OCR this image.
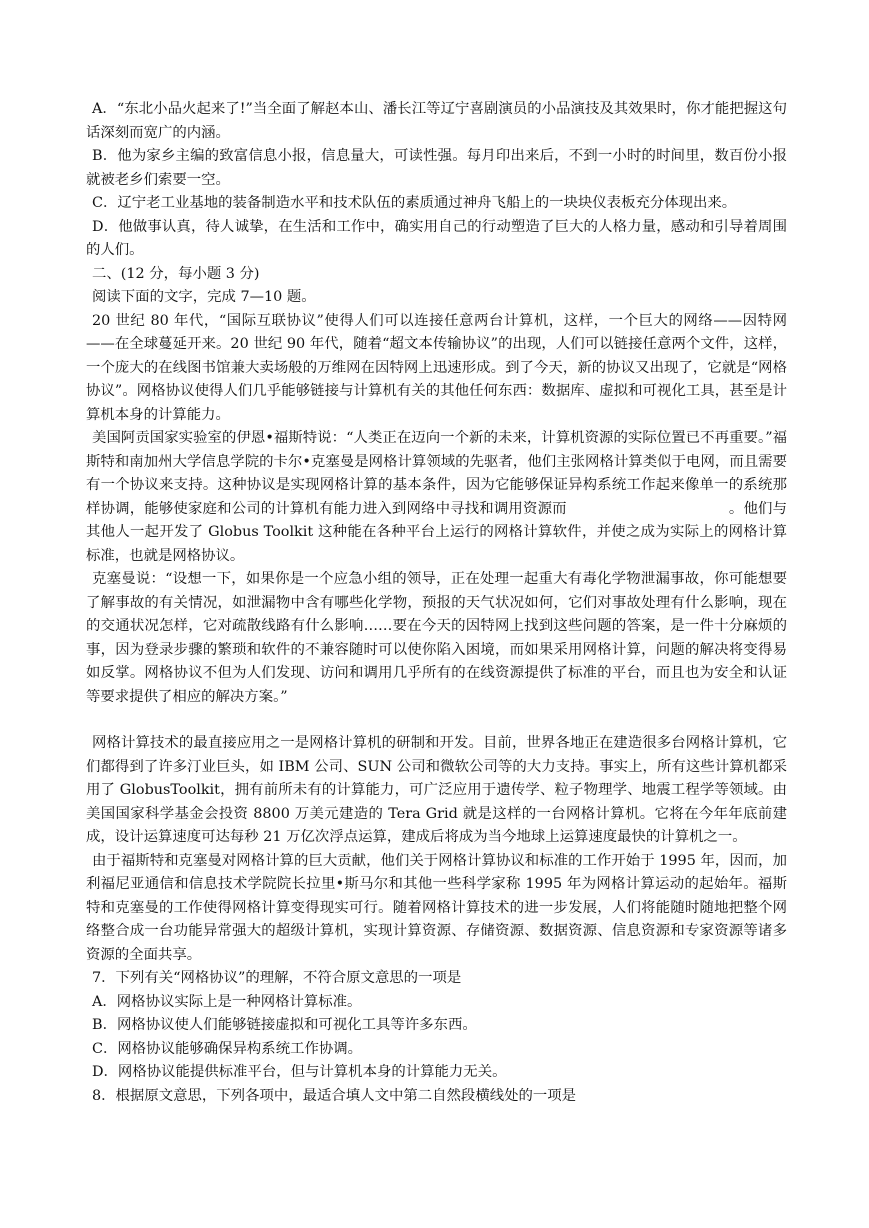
A．“东北小品火起来了!”当全面了解赵本山、潘长江等辽宁喜剧演员的小品演技及其效果时，你才能把握这句话深刻而宽广的内涵。

B．他为家乡主编的致富信息小报，信息量大，可读性强。每月印出来后，不到一小时的时间里，数百份小报就被老乡们索要一空。

C．辽宁老工业基地的装备制造水平和技术队伍的素质通过神舟飞船上的一块块仪表板充分体现出来。

D．他做事认真，待人诚挚，在生活和工作中，确实用自己的行动塑造了巨大的人格力量，感动和引导着周围的人们。

二、(12 分，每小题 3 分)

阅读下面的文字，完成 7—10 题。

20 世纪 80 年代，“国际互联协议”使得人们可以连接任意两台计算机，这样，一个巨大的网络——因特网——在全球蔓延开来。20 世纪 90 年代，随着“超文本传输协议”的出现，人们可以链接任意两个文件，这样，一个庞大的在线图书馆兼大卖场般的万维网在因特网上迅速形成。到了今天，新的协议又出现了，它就是“网格协议”。网格协议使得人们几乎能够链接与计算机有关的其他任何东西：数据库、虚拟和可视化工具，甚至是计算机本身的计算能力。

美国阿贡国家实验室的伊恩•福斯特说：“人类正在迈向一个新的未来，计算机资源的实际位置已不再重要。”福斯特和南加州大学信息学院的卡尔•克塞曼是网格计算领域的先驱者，他们主张网格计算类似于电网，而且需要有一个协议来支持。这种协议是实现网格计算的基本条件，因为它能够保证异构系统工作起来像单一的系统那样协调，能够使家庭和公司的计算机有能力进入到网络中寻找和调用资源而	。他们与其他人一起开发了 Globus Toolkit 这种能在各种平台上运行的网格计算软件，并使之成为实际上的网格计算标准，也就是网格协议。

克塞曼说：“设想一下，如果你是一个应急小组的领导，正在处理一起重大有毒化学物泄漏事故，你可能想要了解事故的有关情况，如泄漏物中含有哪些化学物，预报的天气状况如何，它们对事故处理有什么影响，现在的交通状况怎样，它对疏散线路有什么影响……要在今天的因特网上找到这些问题的答案，是一件十分麻烦的事，因为登录步骤的繁琐和软件的不兼容随时可以使你陷入困境，而如果采用网格计算，问题的解决将变得易如反掌。网格协议不但为人们发现、访问和调用几乎所有的在线资源提供了标准的平台，而且也为安全和认证等要求提供了相应的解决方案。”

网格计算技术的最直接应用之一是网格计算机的研制和开发。目前，世界各地正在建造很多台网格计算机，它们都得到了许多汀业巨头，如 IBM 公司、SUN 公司和微软公司等的大力支持。事实上，所有这些计算机都采用了 GlobusToolkit，拥有前所未有的计算能力，可广泛应用于遗传学、粒子物理学、地震工程学等领域。由美国国家科学基金会投资 8800 万美元建造的 Tera Grid 就是这样的一台网格计算机。它将在今年年底前建成，设计运算速度可达每秒 21 万亿次浮点运算，建成后将成为当今地球上运算速度最快的计算机之一。

由于福斯特和克塞曼对网格计算的巨大贡献，他们关于网格计算协议和标准的工作开始于 1995 年，因而，加利福尼亚通信和信息技术学院院长拉里•斯马尔和其他一些科学家称 1995 年为网格计算运动的起始年。福斯特和克塞曼的工作使得网格计算变得现实可行。随着网格计算技术的进一步发展，人们将能随时随地把整个网络整合成一台功能异常强大的超级计算机，实现计算资源、存储资源、数据资源、信息资源和专家资源等诸多资源的全面共享。

7．下列有关“网格协议”的理解，不符合原文意思的一项是

A．网格协议实际上是一种网格计算标准。

B．网格协议使人们能够链接虚拟和可视化工具等许多东西。

C．网格协议能够确保异构系统工作协调。

D．网格协议能提供标准平台，但与计算机本身的计算能力无关。

8．根据原文意思，下列各项中，最适合填人文中第二自然段横线处的一项是
